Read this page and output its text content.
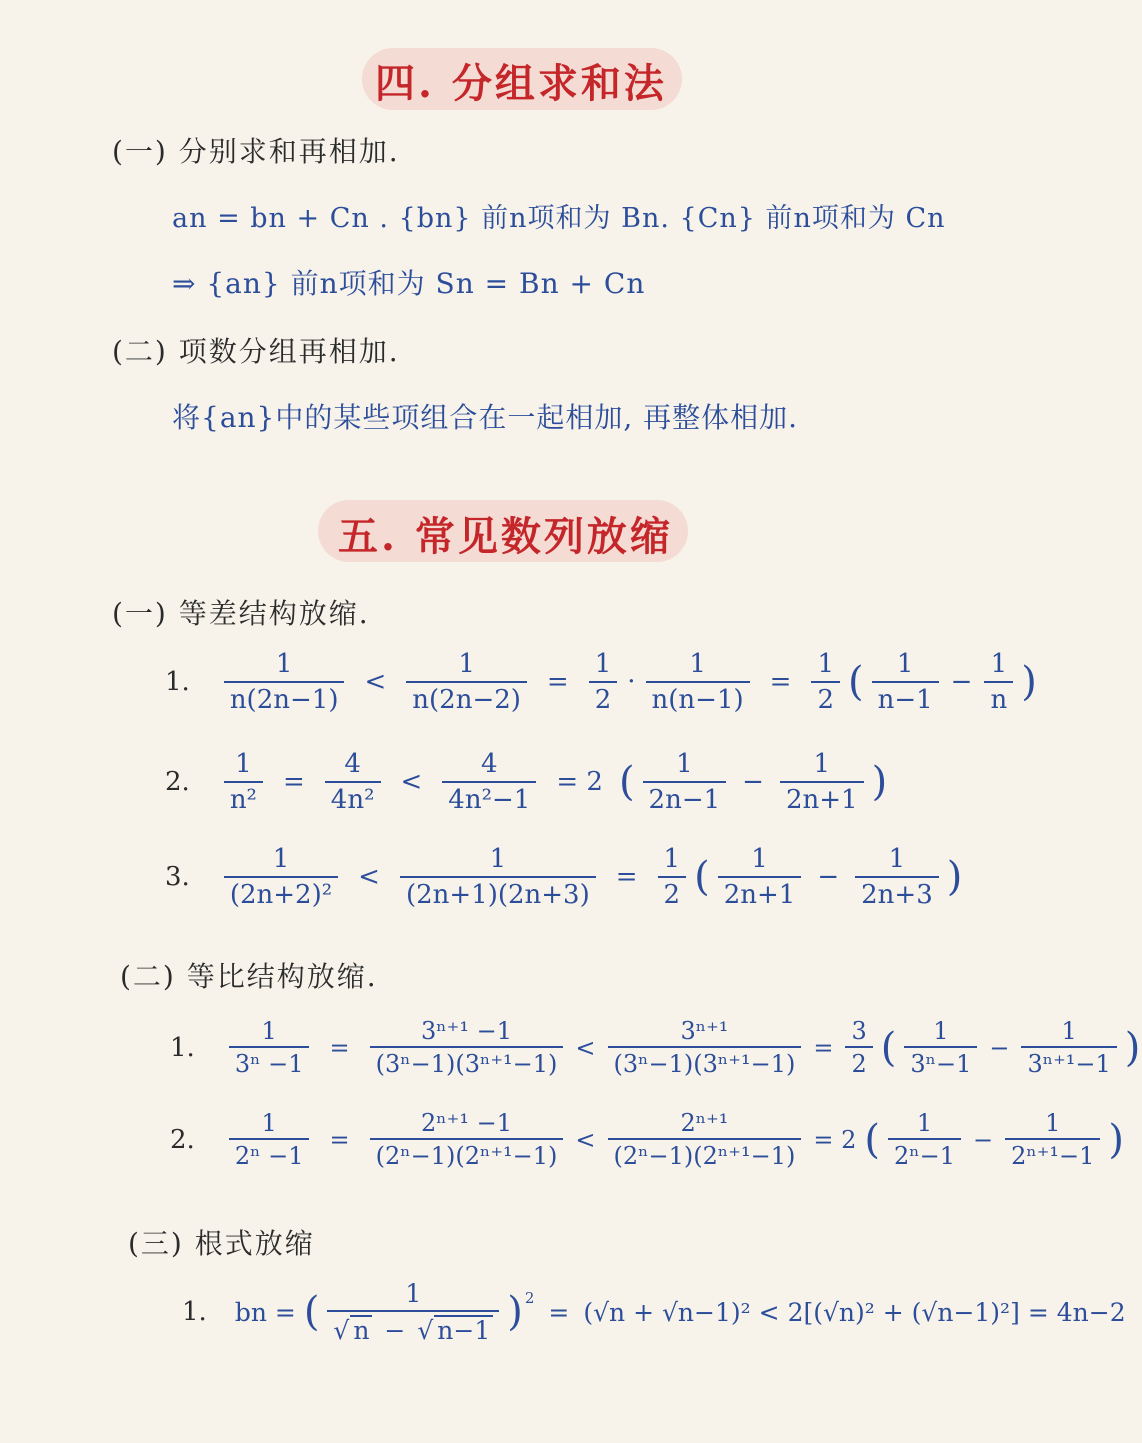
四. 分组求和法
(一) 分别求和再相加.
an = bn + Cn . {bn} 前n项和为 Bn. {Cn} 前n项和为 Cn
⇒ {an} 前n项和为 Sn = Bn + Cn
(二) 项数分组再相加.
将{an}中的某些项组合在一起相加, 再整体相加.
五. 常见数列放缩
(一) 等差结构放缩.
1. $\frac{1}{n(2n-1)} < \frac{1}{n(2n-2)} = \frac{1}{2} \cdot \frac{1}{n(n-1)} = \frac{1}{2}$ ( $\frac{1}{n-1} - \frac{1}{n}$ )
2. $\frac{1}{\text{n²}} = \frac{4}{\text{4n²}} < \frac{4}{\text{4n²−1}} = 2$ ( $\frac{1}{2n-1} - \frac{1}{2n+1}$ )
3. $\frac{1}{\text{(2n+2)²}} < \frac{1}{(2n+1)(2n+3)} = \frac{1}{2}$ ( $\frac{1}{2n+1} - \frac{1}{2n+3}$ )
(二) 等比结构放缩.
1. $\frac{1}{\text{3ⁿ −1}} = \frac{\text{3ⁿ⁺¹ −1}}{\text{(3ⁿ−1)(3ⁿ⁺¹−1)}} < \frac{\text{3ⁿ⁺¹}}{\text{(3ⁿ−1)(3ⁿ⁺¹−1)}} = \frac{3}{2}$ ( $\frac{1}{\text{3ⁿ−1}} - \frac{1}{\text{3ⁿ⁺¹−1}}$ )
2. $\frac{1}{\text{2ⁿ −1}} = \frac{\text{2ⁿ⁺¹ −1}}{\text{(2ⁿ−1)(2ⁿ⁺¹−1)}} < \frac{\text{2ⁿ⁺¹}}{\text{(2ⁿ−1)(2ⁿ⁺¹−1)}} = 2$ ( $\frac{1}{\text{2ⁿ−1}} - \frac{1}{\text{2ⁿ⁺¹−1}}$ )
(三) 根式放缩
1. bn = ( $\frac{1}{√ n - √ n-1} )^2 = (√n + √n-1)^2 < 2[(√n)^2 + (√n-1)^2] = 4n-2$
